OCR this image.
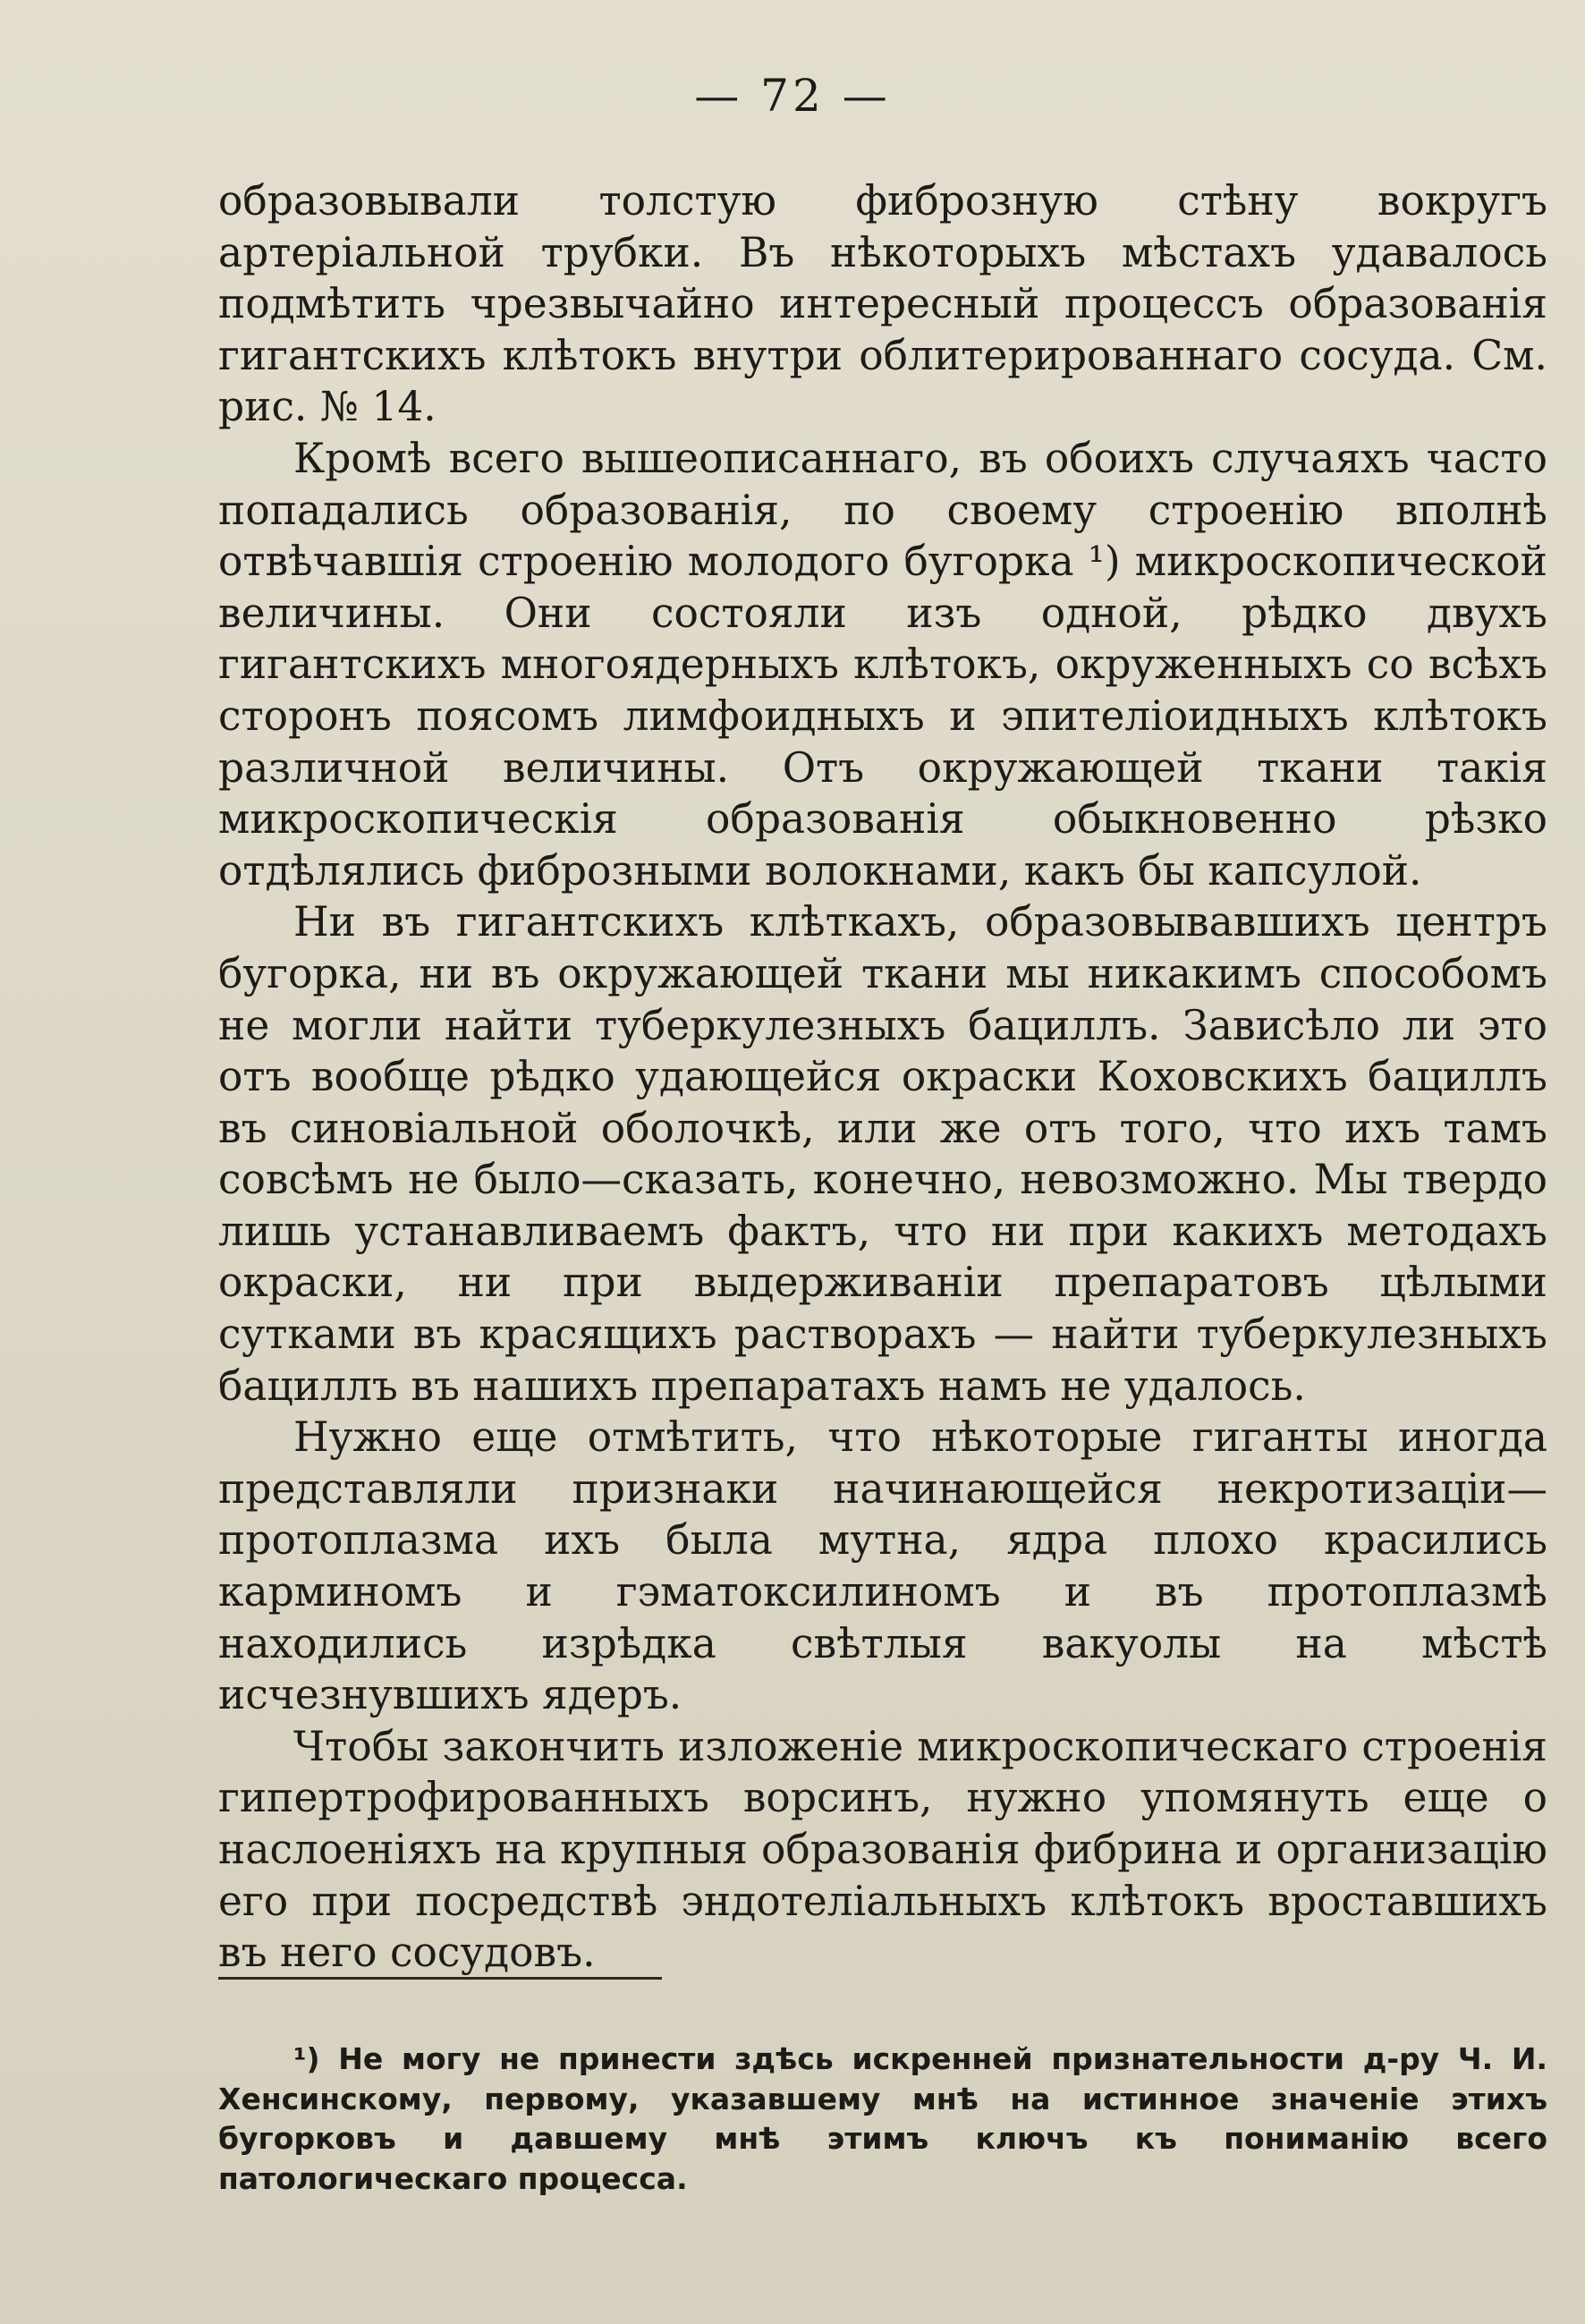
— 72 —

образовывали толстую фиброзную стѣну вокругъ артеріальной трубки. Въ нѣкоторыхъ мѣстахъ удавалось подмѣтить чрезвычайно интересный процессъ образованія гигантскихъ клѣтокъ внутри облитерированнаго сосуда. См. рис. № 14.

Кромѣ всего вышеописаннаго, въ обоихъ случаяхъ часто попадались образованія, по своему строенію вполнѣ отвѣчавшія строенію молодого бугорка ¹) микроскопической величины. Они состояли изъ одной, рѣдко двухъ гигантскихъ многоядерныхъ клѣтокъ, окруженныхъ со всѣхъ сторонъ поясомъ лимфоидныхъ и эпителіоидныхъ клѣтокъ различной величины. Отъ окружающей ткани такія микроскопическія образованія обыкновенно рѣзко отдѣлялись фиброзными волокнами, какъ бы капсулой.

Ни въ гигантскихъ клѣткахъ, образовывавшихъ центръ бугорка, ни въ окружающей ткани мы никакимъ способомъ не могли найти туберкулезныхъ бациллъ. Зависѣло ли это отъ вообще рѣдко удающейся окраски Коховскихъ бациллъ въ синовіальной оболочкѣ, или же отъ того, что ихъ тамъ совсѣмъ не было—сказать, конечно, невозможно. Мы твердо лишь устанавливаемъ фактъ, что ни при какихъ методахъ окраски, ни при выдерживаніи препаратовъ цѣлыми сутками въ красящихъ растворахъ — найти туберкулезныхъ бациллъ въ нашихъ препаратахъ намъ не удалось.

Нужно еще отмѣтить, что нѣкоторые гиганты иногда представляли признаки начинающейся некротизаціи—протоплазма ихъ была мутна, ядра плохо красились карминомъ и гэматоксилиномъ и въ протоплазмѣ находились изрѣдка свѣтлыя вакуолы на мѣстѣ исчезнувшихъ ядеръ.

Чтобы закончить изложеніе микроскопическаго строенія гипертрофированныхъ ворсинъ, нужно упомянуть еще о наслоеніяхъ на крупныя образованія фибрина и организацію его при посредствѣ эндотеліальныхъ клѣтокъ вроставшихъ въ него сосудовъ.

¹) Не могу не принести здѣсь искренней признательности д-ру Ч. И. Хенсинскому, первому, указавшему мнѣ на истинное значеніе этихъ бугорковъ и давшему мнѣ этимъ ключъ къ пониманію всего патологическаго процесса.
